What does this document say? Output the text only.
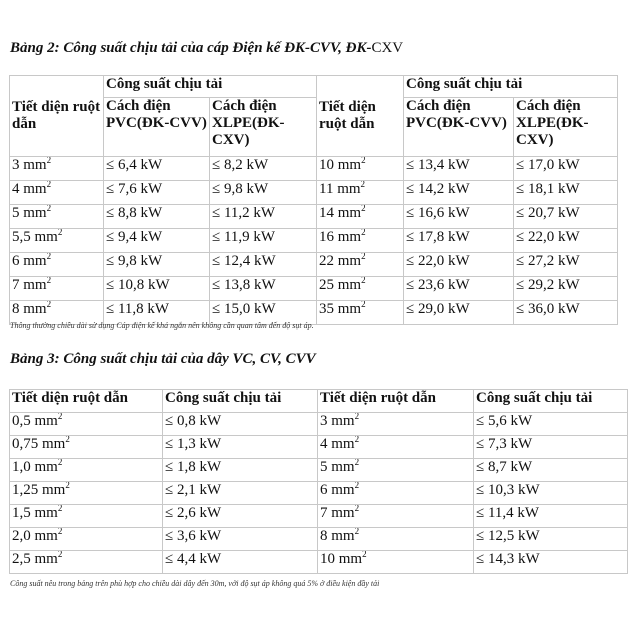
Bảng 2: Công suất chịu tải của cáp Điện kế ĐK-CVV, ĐK-CXV
Tiết diện ruột dẫn	Công suất chịu tải		Tiết diện ruột dẫn	Công suất chịu tải	
	Cách điện PVC(ĐK-CVV)	Cách điện XLPE(ĐK-CXV)		Cách điện PVC(ĐK-CVV)	Cách điện XLPE(ĐK-CXV)
3 $mm^2$	≤ 6,4 kW	≤ 8,2 kW	10 $mm^2$	≤ 13,4 kW	≤ 17,0 kW
4 $mm^2$	≤ 7,6 kW	≤ 9,8 kW	11 $mm^2$	≤ 14,2 kW	≤ 18,1 kW
5 $mm^2$	≤ 8,8 kW	≤ 11,2 kW	14 $mm^2$	≤ 16,6 kW	≤ 20,7 kW
5,5 $mm^2$	≤ 9,4 kW	≤ 11,9 kW	16 $mm^2$	≤ 17,8 kW	≤ 22,0 kW
6 $mm^2$	≤ 9,8 kW	≤ 12,4 kW	22 $mm^2$	≤ 22,0 kW	≤ 27,2 kW
7 $mm^2$	≤ 10,8 kW	≤ 13,8 kW	25 $mm^2$	≤ 23,6 kW	≤ 29,2 kW
8 $mm^2$	≤ 11,8 kW	≤ 15,0 kW	35 $mm^2$	≤ 29,0 kW	≤ 36,0 kW
Thông thường chiều dài sử dụng Cáp điện kế khá ngắn nên không cần quan tâm đến độ sụt áp.
Bảng 3: Công suất chịu tải của dây VC, CV, CVV
Tiết diện ruột dẫn	Công suất chịu tải	Tiết diện ruột dẫn	Công suất chịu tải
0,5 $mm^2$	≤ 0,8 kW	3 $mm^2$	≤ 5,6 kW
0,75 $mm^2$	≤ 1,3 kW	4 $mm^2$	≤ 7,3 kW
1,0 $mm^2$	≤ 1,8 kW	5 $mm^2$	≤ 8,7 kW
1,25 $mm^2$	≤ 2,1 kW	6 $mm^2$	≤ 10,3 kW
1,5 $mm^2$	≤ 2,6 kW	7 $mm^2$	≤ 11,4 kW
2,0 $mm^2$	≤ 3,6 kW	8 $mm^2$	≤ 12,5 kW
2,5 $mm^2$	≤ 4,4 kW	10 $mm^2$	≤ 14,3 kW
Công suất nêu trong bảng trên phù hợp cho chiều dài dây đến 30m, với độ sụt áp không quá 5% ở điều kiện đầy tải
